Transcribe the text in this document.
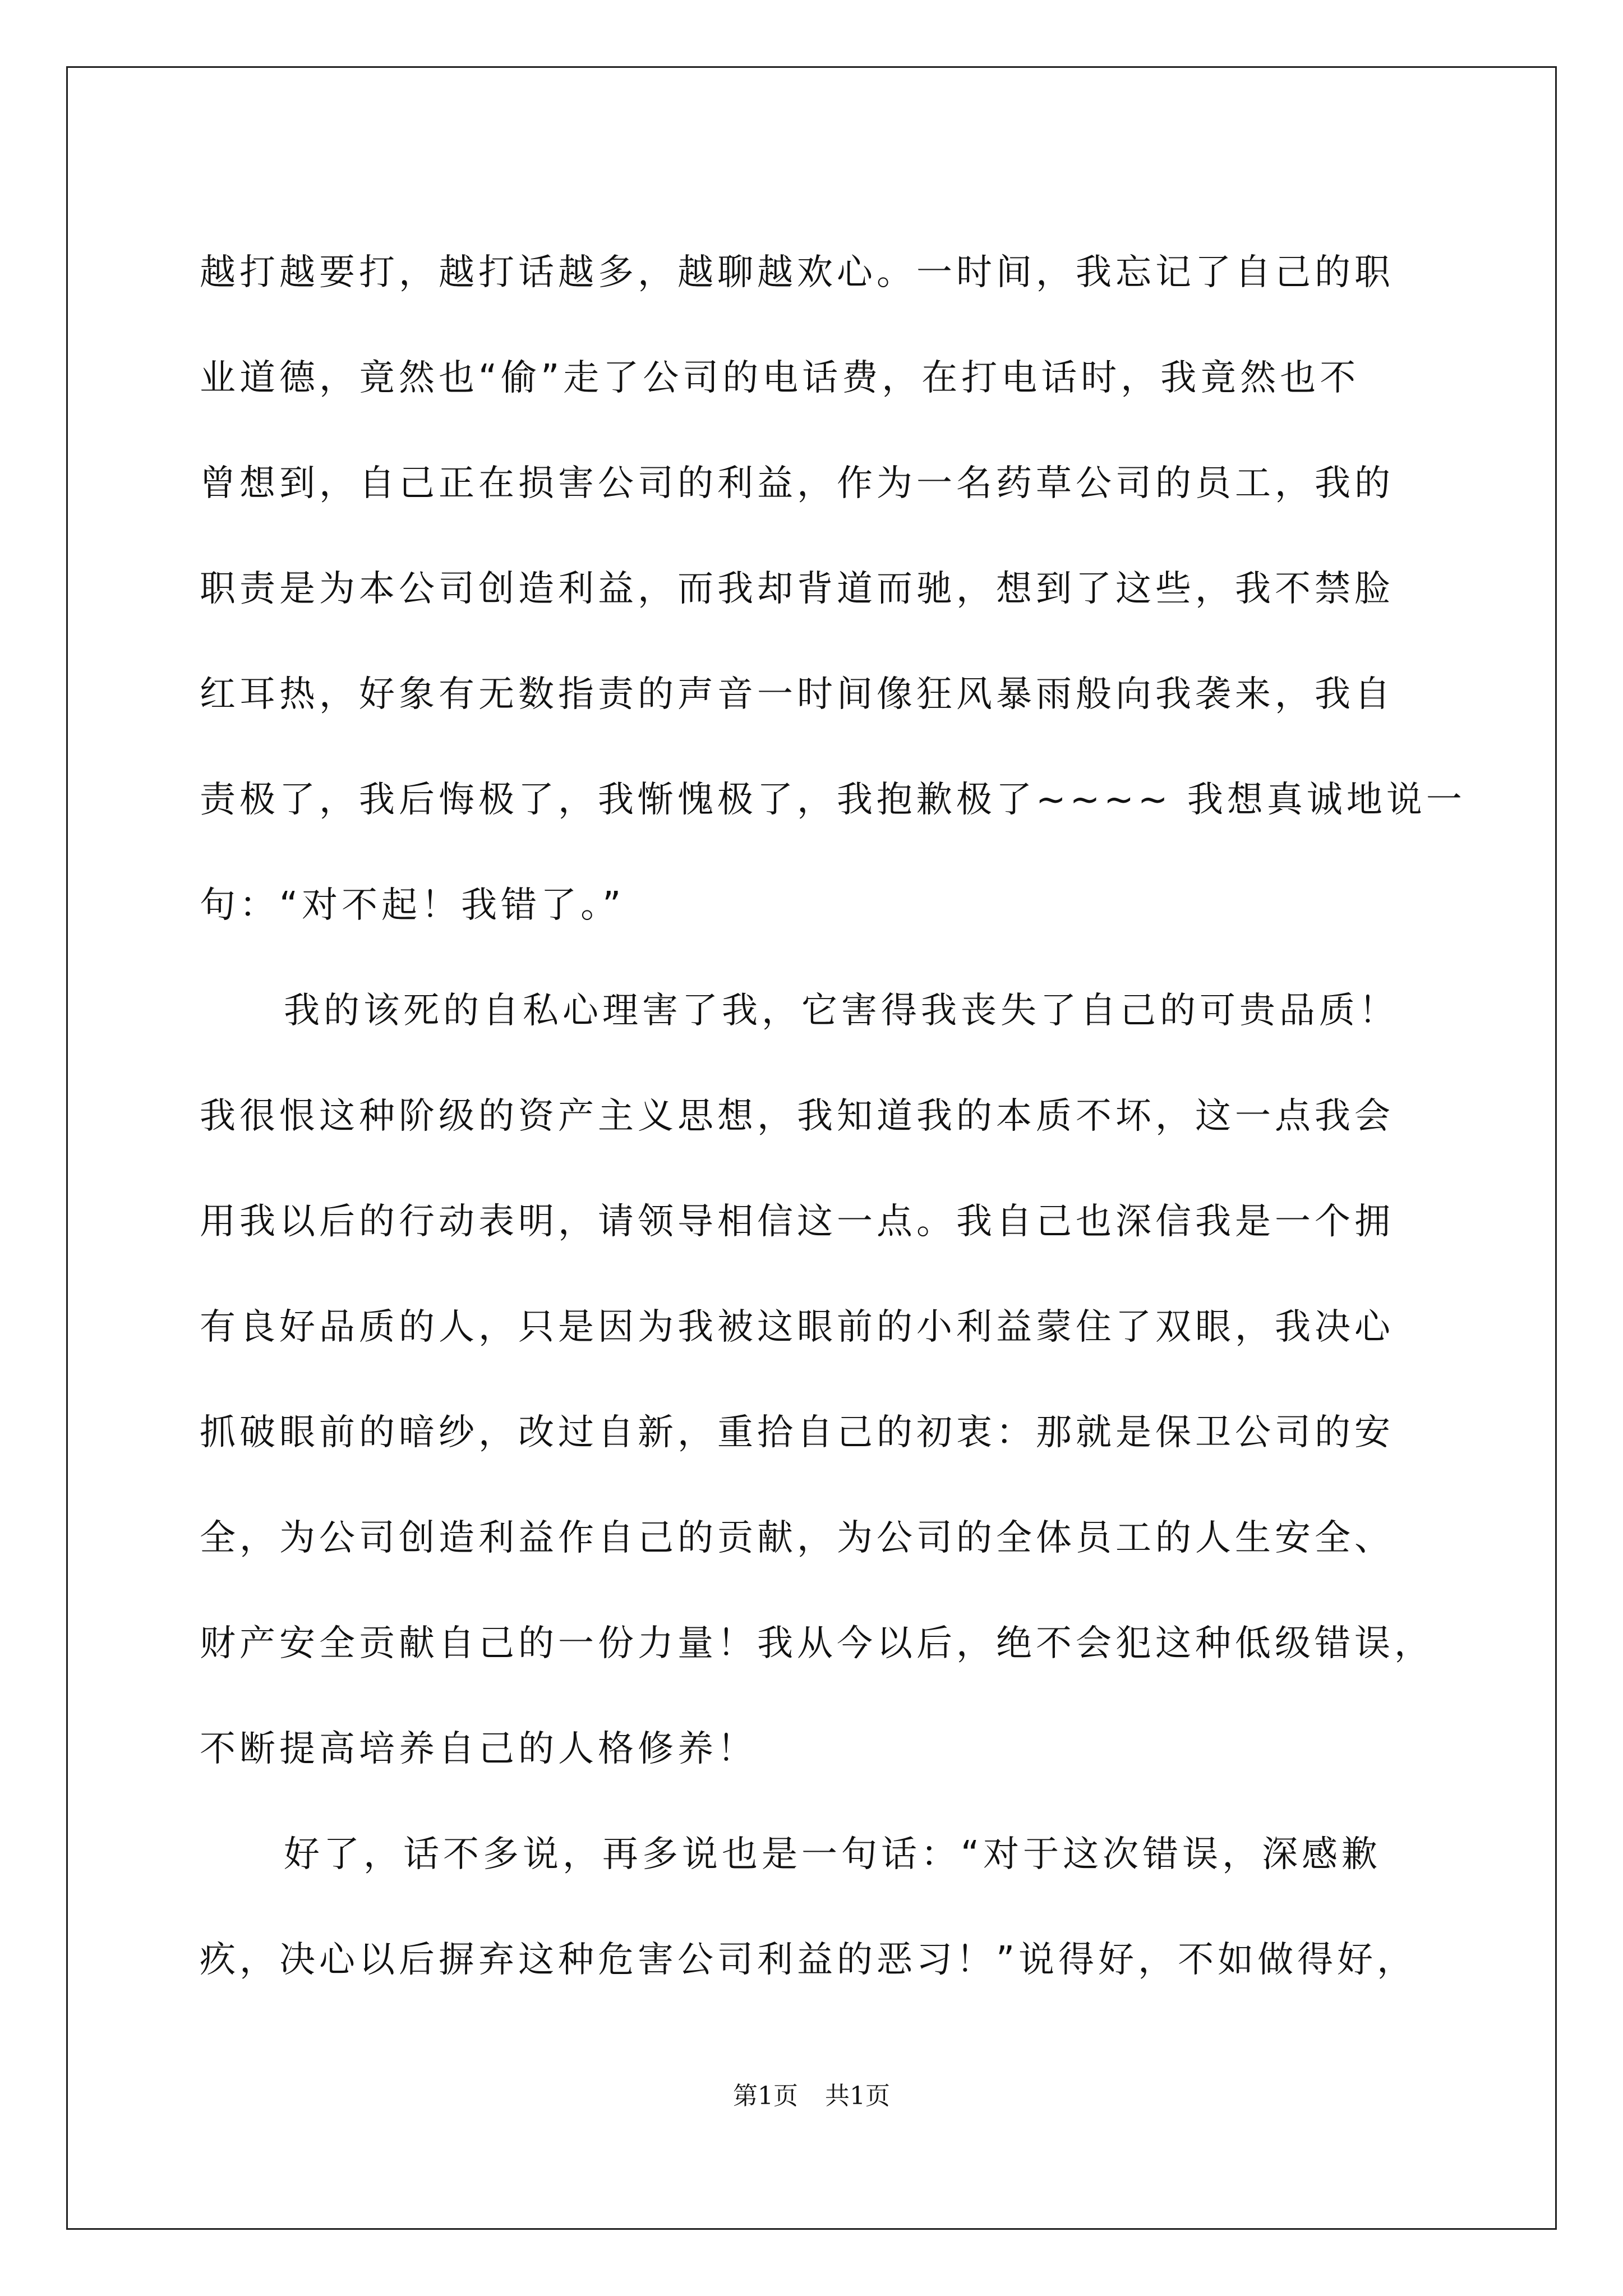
越打越要打，越打话越多，越聊越欢心。一时间，我忘记了自己的职
业道德，竟然也“偷”走了公司的电话费，在打电话时，我竟然也不
曾想到，自己正在损害公司的利益，作为一名药草公司的员工，我的
职责是为本公司创造利益，而我却背道而驰，想到了这些，我不禁脸
红耳热，好象有无数指责的声音一时间像狂风暴雨般向我袭来，我自
责极了，我后悔极了，我惭愧极了，我抱歉极了~~~~ 我想真诚地说一
句：“对不起！我错了。”
我的该死的自私心理害了我，它害得我丧失了自己的可贵品质！
我很恨这种阶级的资产主义思想，我知道我的本质不坏，这一点我会
用我以后的行动表明，请领导相信这一点。我自己也深信我是一个拥
有良好品质的人，只是因为我被这眼前的小利益蒙住了双眼，我决心
抓破眼前的暗纱，改过自新，重拾自己的初衷：那就是保卫公司的安
全，为公司创造利益作自己的贡献，为公司的全体员工的人生安全、
财产安全贡献自己的一份力量！我从今以后，绝不会犯这种低级错误，
不断提高培养自己的人格修养！
好了，话不多说，再多说也是一句话：“对于这次错误，深感歉
疚，决心以后摒弃这种危害公司利益的恶习！”说得好，不如做得好，
第1页 共1页
